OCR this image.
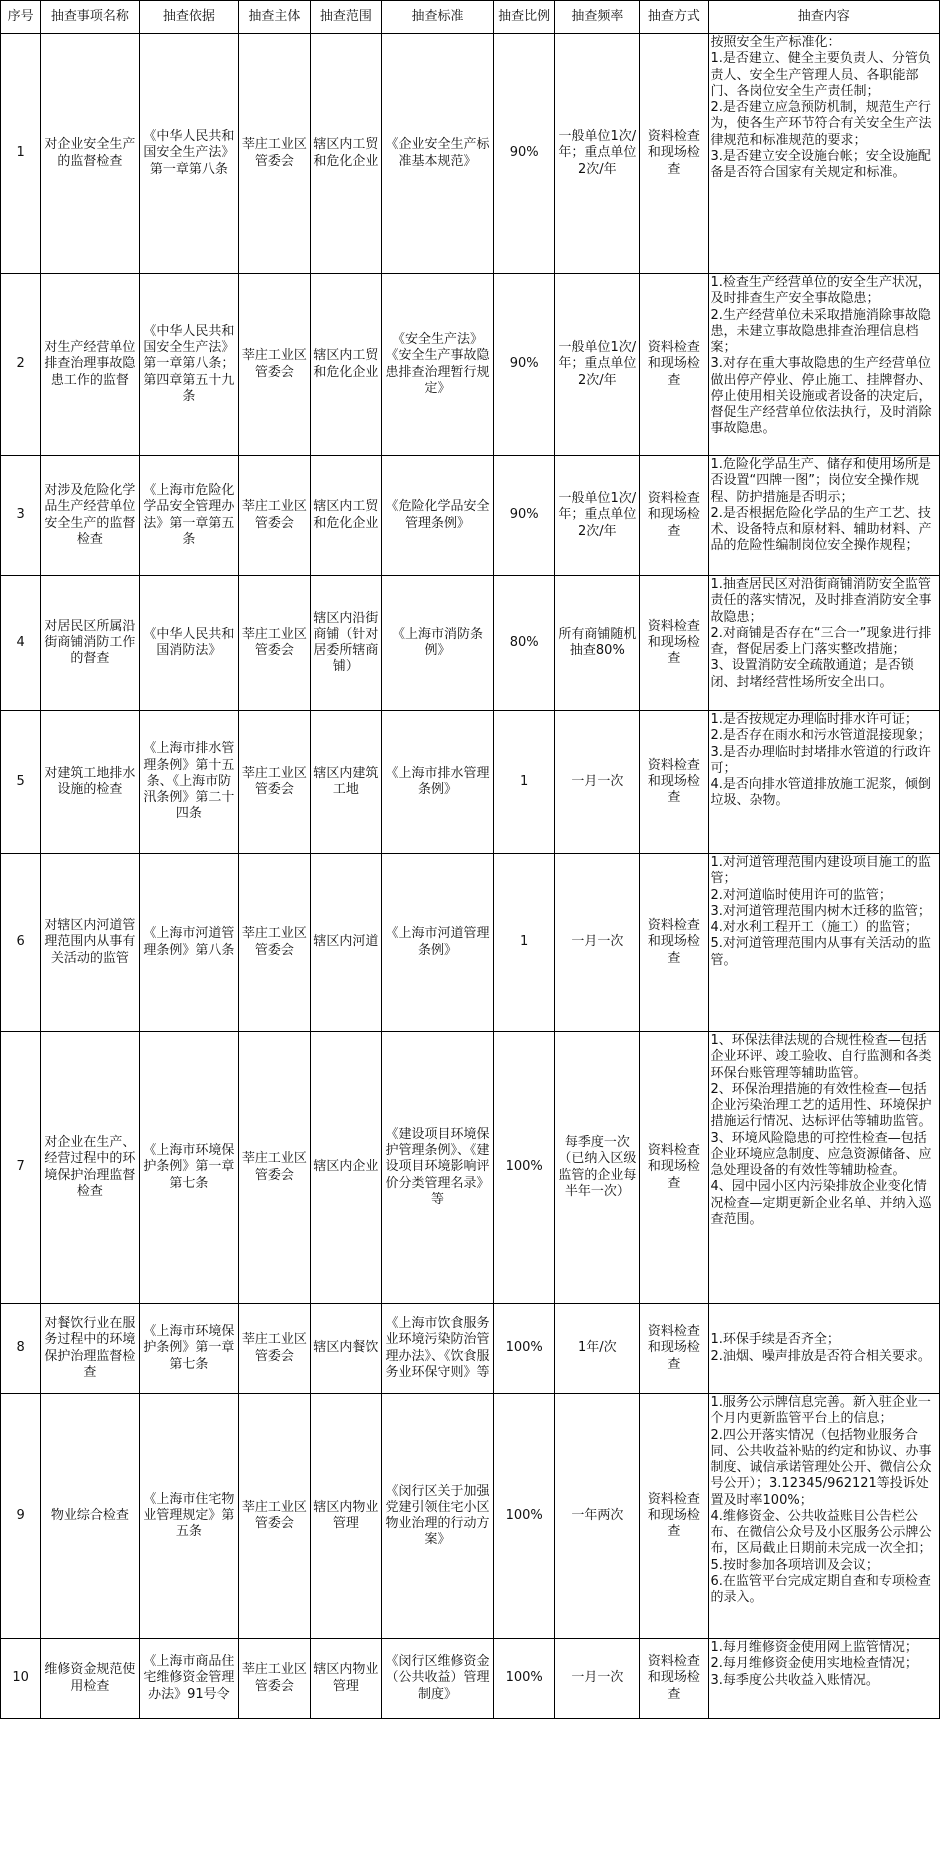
序号	抽查事项名称	抽查依据	抽查主体	抽查范围	抽查标准	抽查比例	抽查频率	抽查方式	抽查内容
1	对企业安全生产的监督检查	《中华人民共和国安全生产法》第一章第八条	莘庄工业区管委会	辖区内工贸和危化企业	《企业安全生产标准基本规范》	90%	一般单位1次/年；重点单位2次/年	资料检查和现场检查	按照安全生产标准化：
1.是否建立、健全主要负责人、分管负责人、安全生产管理人员、各职能部门、各岗位安全生产责任制；
2.是否建立应急预防机制，规范生产行为，使各生产环节符合有关安全生产法律规范和标准规范的要求；
3.是否建立安全设施台帐；安全设施配备是否符合国家有关规定和标准。

2	对生产经营单位排查治理事故隐患工作的监督	《中华人民共和国安全生产法》第一章第八条；第四章第五十九条	莘庄工业区管委会	辖区内工贸和危化企业	《安全生产法》《安全生产事故隐患排查治理暂行规定》	90%	一般单位1次/年；重点单位2次/年	资料检查和现场检查	1.检查生产经营单位的安全生产状况，及时排查生产安全事故隐患；
2.生产经营单位未采取措施消除事故隐患，未建立事故隐患排查治理信息档案；
3.对存在重大事故隐患的生产经营单位做出停产停业、停止施工、挂牌督办、停止使用相关设施或者设备的决定后，督促生产经营单位依法执行，及时消除事故隐患。

3	对涉及危险化学品生产经营单位安全生产的监督检查	《上海市危险化学品安全管理办法》第一章第五条	莘庄工业区管委会	辖区内工贸和危化企业	《危险化学品安全管理条例》	90%	一般单位1次/年；重点单位2次/年	资料检查和现场检查	1.危险化学品生产、储存和使用场所是否设置“四牌一图”；岗位安全操作规程、防护措施是否明示；
2.是否根据危险化学品的生产工艺、技术、设备特点和原材料、辅助材料、产品的危险性编制岗位安全操作规程；

4	对居民区所属沿街商铺消防工作的督查	《中华人民共和国消防法》	莘庄工业区管委会	辖区内沿街商铺（针对居委所辖商铺）	《上海市消防条例》	80%	所有商铺随机抽查80%	资料检查和现场检查	1.抽查居民区对沿街商铺消防安全监管责任的落实情况，及时排查消防安全事故隐患；
2.对商铺是否存在“三合一”现象进行排查，督促居委上门落实整改措施；
3、设置消防安全疏散通道；是否锁闭、封堵经营性场所安全出口。

5	对建筑工地排水设施的检查	《上海市排水管理条例》第十五条、《上海市防汛条例》第二十四条	莘庄工业区管委会	辖区内建筑工地	《上海市排水管理条例》	1	一月一次	资料检查和现场检查	1.是否按规定办理临时排水许可证；
2.是否存在雨水和污水管道混接现象；
3.是否办理临时封堵排水管道的行政许可；
4.是否向排水管道排放施工泥浆，倾倒垃圾、杂物。

6	对辖区内河道管理范围内从事有关活动的监管	《上海市河道管理条例》第八条	莘庄工业区管委会	辖区内河道	《上海市河道管理条例》	1	一月一次	资料检查和现场检查	1.对河道管理范围内建设项目施工的监管；
2.对河道临时使用许可的监管；
3.对河道管理范围内树木迁移的监管；
4.对水利工程开工（施工）的监管；
5.对河道管理范围内从事有关活动的监管。

7	对企业在生产、经营过程中的环境保护治理监督检查	《上海市环境保护条例》第一章第七条	莘庄工业区管委会	辖区内企业	《建设项目环境保护管理条例》、《建设项目环境影响评价分类管理名录》等	100%	每季度一次（已纳入区级监管的企业每半年一次）	资料检查和现场检查	1、环保法律法规的合规性检查—包括企业环评、竣工验收、自行监测和各类环保台账管理等辅助监管。
2、环保治理措施的有效性检查—包括企业污染治理工艺的适用性、环境保护措施运行情况、达标评估等辅助监管。
3、环境风险隐患的可控性检查—包括企业环境应急制度、应急资源储备、应急处理设备的有效性等辅助检查。
4、园中园小区内污染排放企业变化情况检查—定期更新企业名单、并纳入巡查范围。

8	对餐饮行业在服务过程中的环境保护治理监督检查	《上海市环境保护条例》第一章第七条	莘庄工业区管委会	辖区内餐饮	《上海市饮食服务业环境污染防治管理办法》、《饮食服务业环保守则》等	100%	1年/次	资料检查和现场检查	1.环保手续是否齐全；
2.油烟、噪声排放是否符合相关要求。

9	物业综合检查	《上海市住宅物业管理规定》第五条	莘庄工业区管委会	辖区内物业管理	《闵行区关于加强党建引领住宅小区物业治理的行动方案》	100%	一年两次	资料检查和现场检查	1.服务公示牌信息完善。新入驻企业一个月内更新监管平台上的信息；
2.四公开落实情况（包括物业服务合同、公共收益补贴的约定和协议、办事制度、诚信承诺管理处公开、微信公众号公开）；3.12345/962121等投诉处置及时率100%；
4.维修资金、公共收益账目公告栏公布、在微信公众号及小区服务公示牌公布，区局截止日期前未完成一次全扣；
5.按时参加各项培训及会议；
6.在监管平台完成定期自查和专项检查的录入。

10	维修资金规范使用检查	《上海市商品住宅维修资金管理办法》91号令	莘庄工业区管委会	辖区内物业管理	《闵行区维修资金（公共收益）管理制度》	100%	一月一次	资料检查和现场检查	1.每月维修资金使用网上监管情况；
2.每月维修资金使用实地检查情况；
3.每季度公共收益入账情况。
